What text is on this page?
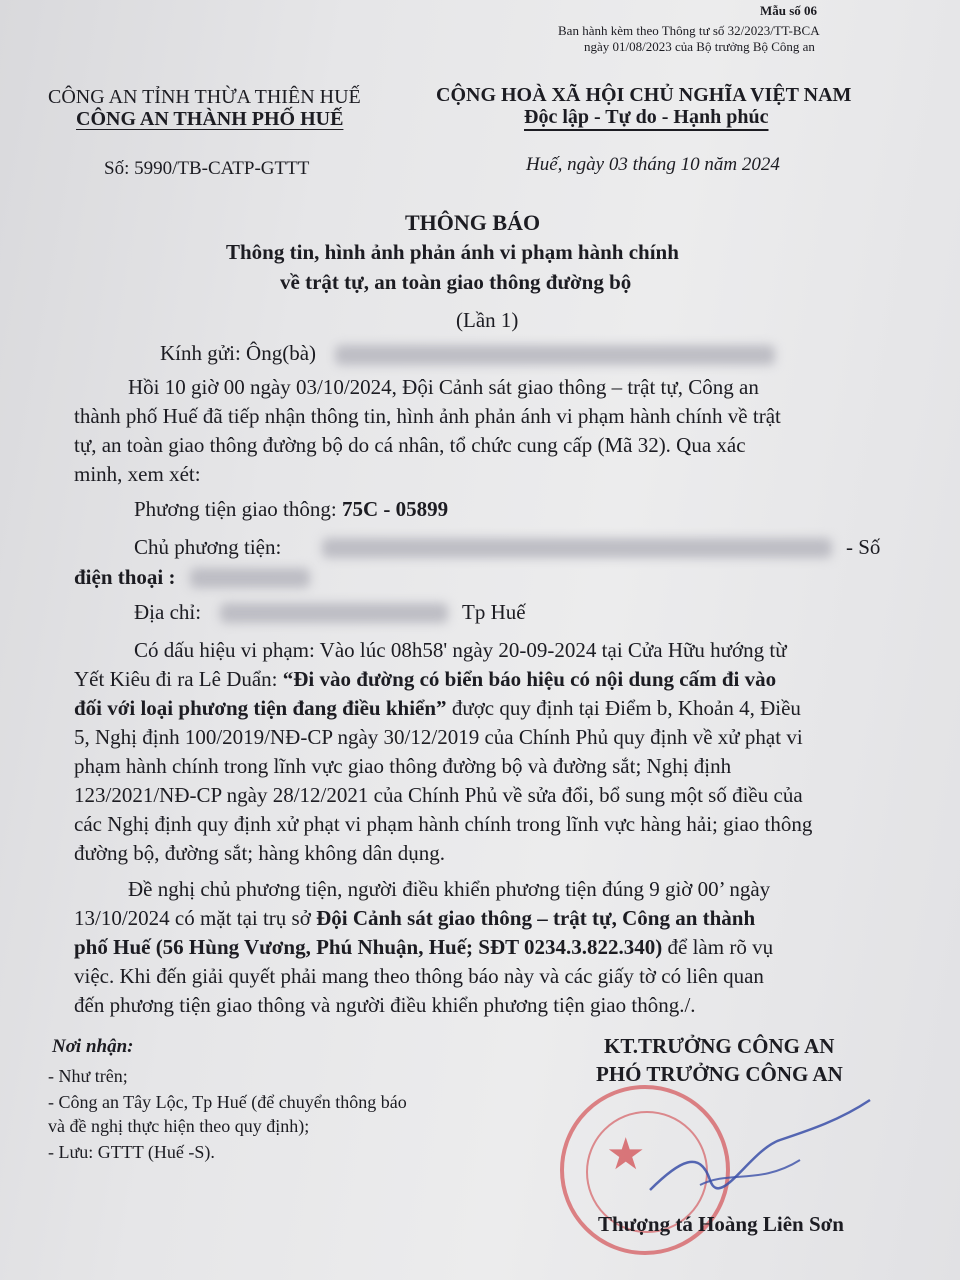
Mẫu số 06
Ban hành kèm theo Thông tư số 32/2023/TT-BCA
ngày 01/08/2023 của Bộ trưởng Bộ Công an
CÔNG AN TỈNH THỪA THIÊN HUẾ
CÔNG AN THÀNH PHỐ HUẾ
Số: 5990/TB-CATP-GTTT
CỘNG HOÀ XÃ HỘI CHỦ NGHĨA VIỆT NAM
Độc lập - Tự do - Hạnh phúc
Huế, ngày 03 tháng 10 năm 2024
THÔNG BÁO
Thông tin, hình ảnh phản ánh vi phạm hành chính
về trật tự, an toàn giao thông đường bộ
(Lần 1)
Kính gửi: Ông(bà)
Hồi 10 giờ 00 ngày 03/10/2024, Đội Cảnh sát giao thông – trật tự, Công an
thành phố Huế đã tiếp nhận thông tin, hình ảnh phản ánh vi phạm hành chính về trật
tự, an toàn giao thông đường bộ do cá nhân, tổ chức cung cấp (Mã 32). Qua xác
minh, xem xét:
Phương tiện giao thông: 75C - 05899
Chủ phương tiện:	- Số
điện thoại :
Địa chỉ:	Tp Huế
Có dấu hiệu vi phạm: Vào lúc 08h58' ngày 20-09-2024 tại Cửa Hữu hướng từ
Yết Kiêu đi ra Lê Duẩn: “Đi vào đường có biển báo hiệu có nội dung cấm đi vào
đối với loại phương tiện đang điều khiển” được quy định tại Điểm b, Khoản 4, Điều
5, Nghị định 100/2019/NĐ-CP ngày 30/12/2019 của Chính Phủ quy định về xử phạt vi
phạm hành chính trong lĩnh vực giao thông đường bộ và đường sắt; Nghị định
123/2021/NĐ-CP ngày 28/12/2021 của Chính Phủ về sửa đổi, bổ sung một số điều của
các Nghị định quy định xử phạt vi phạm hành chính trong lĩnh vực hàng hải; giao thông
đường bộ, đường sắt; hàng không dân dụng.
Đề nghị chủ phương tiện, người điều khiển phương tiện đúng 9 giờ 00’ ngày
13/10/2024 có mặt tại trụ sở Đội Cảnh sát giao thông – trật tự, Công an thành
phố Huế (56 Hùng Vương, Phú Nhuận, Huế; SĐT 0234.3.822.340) để làm rõ vụ
việc. Khi đến giải quyết phải mang theo thông báo này và các giấy tờ có liên quan
đến phương tiện giao thông và người điều khiển phương tiện giao thông./.
Nơi nhận:
- Như trên;
- Công an Tây Lộc, Tp Huế (để chuyển thông báo
và đề nghị thực hiện theo quy định);
- Lưu: GTTT (Huế -S).
KT.TRƯỞNG CÔNG AN
PHÓ TRƯỞNG CÔNG AN
★
Thượng tá Hoàng Liên Sơn
